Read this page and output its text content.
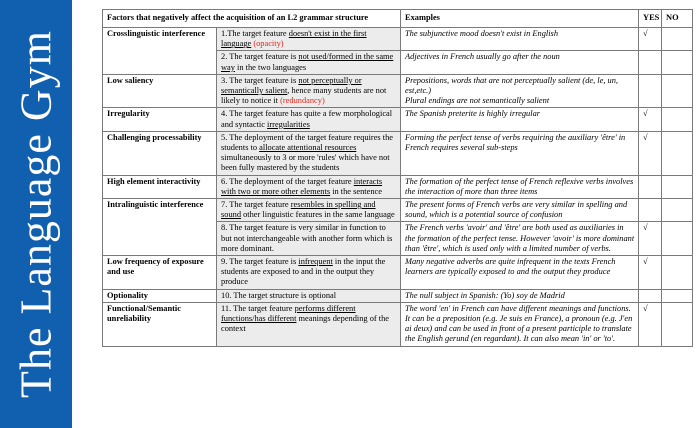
The Language Gym
Factors that negatively affect the acquisition of an L2 grammar structure		Examples	YES	NO
Crosslinguistic interference	1.The target feature doesn't exist in the first language (opacity)	The subjunctive mood doesn't exist in English	√	
	2. The target feature is not used/formed in the same way in the two languages	Adjectives in French usually go after the noun		

Low saliency	3. The target feature is not perceptually or semantically salient, hence many students are not likely to notice it (redundancy)	Prepositions, words that are not perceptually salient (de, le, un, est,etc.)
Plural endings are not semantically salient		

Irregularity	4. The target feature has quite a few morphological and syntactic irregularities	The Spanish preterite is highly irregular	√	
Challenging processability	5. The deployment of the target feature requires the students to allocate attentional resources simultaneously to 3 or more 'rules' which have not been fully mastered by the students	Forming the perfect tense of verbs requiring the auxiliary 'être' in French requires several sub-steps	√	
High element interactivity	6. The deployment of the target feature interacts with two or more other elements in the sentence	The formation of the perfect tense of French reflexive verbs involves the interaction of more than three items		

Intralinguistic interference	7. The target feature resembles in spelling and sound other linguistic features in the same language	The present forms of French verbs are very similar in spelling and sound, which is a potential source of confusion		

	8. The target feature is very similar in function to but not interchangeable with another form which is more dominant.	The French verbs 'avoir' and 'être' are both used as auxiliaries in the formation of the perfect tense. However 'avoir' is more dominant than 'être', which is used only with a limited number of verbs.	√	
Low frequency of exposure and use	9. The target feature is infrequent in the input the students are exposed to and in the output they produce	Many negative adverbs are quite infrequent in the texts French learners are typically exposed to and the output they produce	√	
Optionality	10. The target structure is optional	The null subject in Spanish: (Yo) soy de Madrid		

Functional/Semantic unreliability	11. The target feature performs different functions/has different meanings depending of the context	The word 'en' in French can have different meanings and functions. It can be a preposition (e.g. Je suis en France), a pronoun (e.g. J'en ai deux) and can be used in front of a present participle to translate the English gerund (en regardant). It can also mean 'in' or 'to'.	√	
